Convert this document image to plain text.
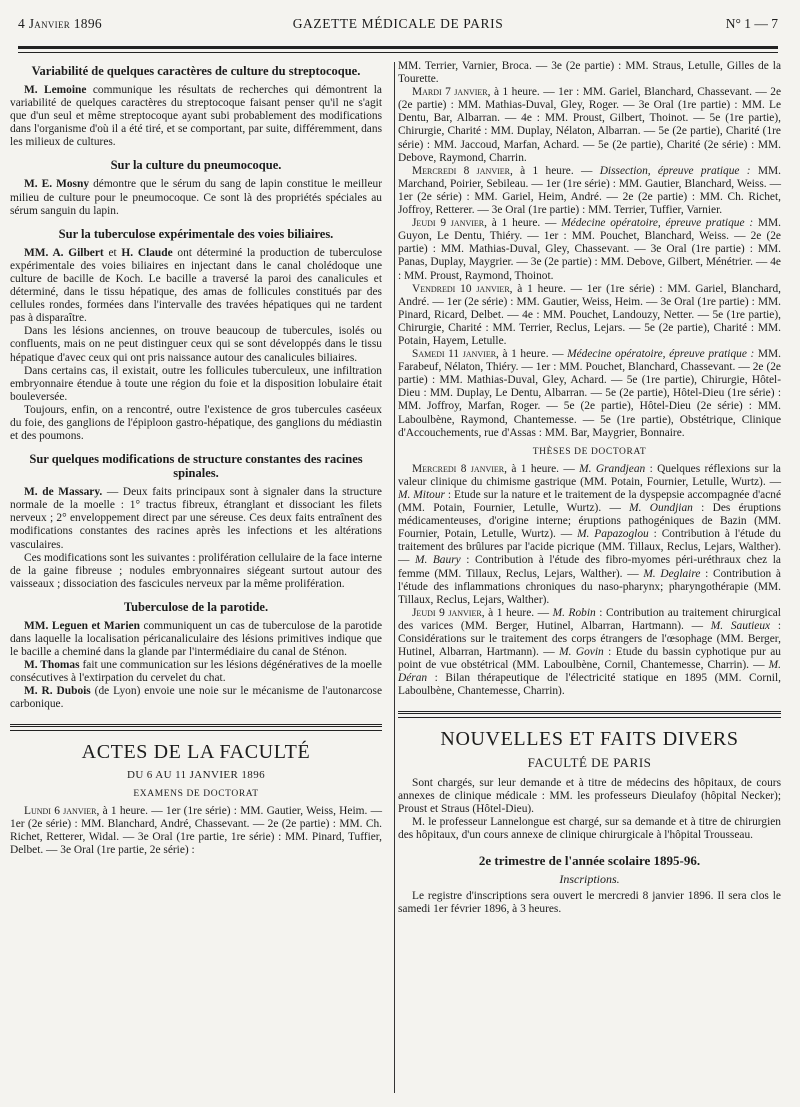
4 Janvier 1896	GAZETTE MÉDICALE DE PARIS	N° 1 — 7
Variabilité de quelques caractères de culture du streptocoque.

M. Lemoine communique les résultats de recherches qui démontrent la variabilité de quelques caractères du streptocoque faisant penser qu'il ne s'agit que d'un seul et même streptocoque ayant subi probablement des modifications dans l'organisme d'où il a été tiré, et se comportant, par suite, différemment, dans les milieux de cultures.

Sur la culture du pneumocoque.

M. E. Mosny démontre que le sérum du sang de lapin constitue le meilleur milieu de culture pour le pneumocoque. Ce sont là des propriétés spéciales au sérum sanguin du lapin.

Sur la tuberculose expérimentale des voies biliaires.

MM. A. Gilbert et H. Claude ont déterminé la production de tuberculose expérimentale des voies biliaires en injectant dans le canal cholédoque une culture de bacille de Koch. Le bacille a traversé la paroi des canalicules et déterminé, dans le tissu hépatique, des amas de follicules constitués par des cellules rondes, formées dans l'intervalle des travées hépatiques qui ne tardent pas à disparaître.

Dans les lésions anciennes, on trouve beaucoup de tubercules, isolés ou confluents, mais on ne peut distinguer ceux qui se sont développés dans le tissu hépatique d'avec ceux qui ont pris naissance autour des canalicules biliaires.

Dans certains cas, il existait, outre les follicules tuberculeux, une infiltration embryonnaire étendue à toute une région du foie et la disposition lobulaire était bouleversée.

Toujours, enfin, on a rencontré, outre l'existence de gros tubercules caséeux du foie, des ganglions de l'épiploon gastro-hépatique, des ganglions du médiastin et des poumons.

Sur quelques modifications de structure constantes des racines spinales.

M. de Massary. — Deux faits principaux sont à signaler dans la structure normale de la moelle : 1° tractus fibreux, étranglant et dissociant les filets nerveux ; 2° enveloppement direct par une séreuse. Ces deux faits entraînent des modifications constantes des racines après les infections et les altérations vasculaires.

Ces modifications sont les suivantes : prolifération cellulaire de la face interne de la gaine fibreuse ; nodules embryonnaires siégeant surtout autour des vaisseaux ; dissociation des fascicules nerveux par la même prolifération.

Tuberculose de la parotide.

MM. Leguen et Marien communiquent un cas de tuberculose de la parotide dans laquelle la localisation péricanaliculaire des lésions primitives indique que le bacille a cheminé dans la glande par l'intermédiaire du canal de Sténon.

M. Thomas fait une communication sur les lésions dégénératives de la moelle consécutives à l'extirpation du cervelet du chat.

M. R. Dubois (de Lyon) envoie une noie sur le mécanisme de l'autonarcose carbonique.

ACTES DE LA FACULTÉ
DU 6 AU 11 JANVIER 1896
EXAMENS DE DOCTORAT

Lundi 6 janvier, à 1 heure. — 1er (1re série) : MM. Gautier, Weiss, Heim. — 1er (2e série) : MM. Blanchard, André, Chassevant. — 2e (2e partie) : MM. Ch. Richet, Retterer, Widal. — 3e Oral (1re partie, 1re série) : MM. Pinard, Tuffier, Delbet. — 3e Oral (1re partie, 2e série) :

MM. Terrier, Varnier, Broca. — 3e (2e partie) : MM. Straus, Letulle, Gilles de la Tourette.

Mardi 7 janvier, à 1 heure. — 1er : MM. Gariel, Blanchard, Chassevant. — 2e (2e partie) : MM. Mathias-Duval, Gley, Roger. — 3e Oral (1re partie) : MM. Le Dentu, Bar, Albarran. — 4e : MM. Proust, Gilbert, Thoinot. — 5e (1re partie), Chirurgie, Charité : MM. Duplay, Nélaton, Albarran. — 5e (2e partie), Charité (1re série) : MM. Jaccoud, Marfan, Achard. — 5e (2e partie), Charité (2e série) : MM. Debove, Raymond, Charrin.

Mercredi 8 janvier, à 1 heure. — Dissection, épreuve pratique : MM. Marchand, Poirier, Sebileau. — 1er (1re série) : MM. Gautier, Blanchard, Weiss. — 1er (2e série) : MM. Gariel, Heim, André. — 2e (2e partie) : MM. Ch. Richet, Joffroy, Retterer. — 3e Oral (1re partie) : MM. Terrier, Tuffier, Varnier.

Jeudi 9 janvier, à 1 heure. — Médecine opératoire, épreuve pratique : MM. Guyon, Le Dentu, Thiéry. — 1er : MM. Pouchet, Blanchard, Weiss. — 2e (2e partie) : MM. Mathias-Duval, Gley, Chassevant. — 3e Oral (1re partie) : MM. Panas, Duplay, Maygrier. — 3e (2e partie) : MM. Debove, Gilbert, Ménétrier. — 4e : MM. Proust, Raymond, Thoinot.

Vendredi 10 janvier, à 1 heure. — 1er (1re série) : MM. Gariel, Blanchard, André. — 1er (2e série) : MM. Gautier, Weiss, Heim. — 3e Oral (1re partie) : MM. Pinard, Ricard, Delbet. — 4e : MM. Pouchet, Landouzy, Netter. — 5e (1re partie), Chirurgie, Charité : MM. Terrier, Reclus, Lejars. — 5e (2e partie), Charité : MM. Potain, Hayem, Letulle.

Samedi 11 janvier, à 1 heure. — Médecine opératoire, épreuve pratique : MM. Farabeuf, Nélaton, Thiéry. — 1er : MM. Pouchet, Blanchard, Chassevant. — 2e (2e partie) : MM. Mathias-Duval, Gley, Achard. — 5e (1re partie), Chirurgie, Hôtel-Dieu : MM. Duplay, Le Dentu, Albarran. — 5e (2e partie), Hôtel-Dieu (1re série) : MM. Joffroy, Marfan, Roger. — 5e (2e partie), Hôtel-Dieu (2e série) : MM. Laboulbène, Raymond, Chantemesse. — 5e (1re partie), Obstétrique, Clinique d'Accouchements, rue d'Assas : MM. Bar, Maygrier, Bonnaire.

THÈSES DE DOCTORAT

Mercredi 8 janvier, à 1 heure. — M. Grandjean : Quelques réflexions sur la valeur clinique du chimisme gastrique (MM. Potain, Fournier, Letulle, Wurtz). — M. Mitour : Etude sur la nature et le traitement de la dyspepsie accompagnée d'acné (MM. Potain, Fournier, Letulle, Wurtz). — M. Oundjian : Des éruptions médicamenteuses, d'origine interne; éruptions pathogéniques de Bazin (MM. Fournier, Potain, Letulle, Wurtz). — M. Papazoglou : Contribution à l'étude du traitement des brûlures par l'acide picrique (MM. Tillaux, Reclus, Lejars, Walther). — M. Baury : Contribution à l'étude des fibro-myomes péri-uréthraux chez la femme (MM. Tillaux, Reclus, Lejars, Walther). — M. Deglaire : Contribution à l'étude des inflammations chroniques du naso-pharynx; pharyngothérapie (MM. Tillaux, Reclus, Lejars, Walther).

Jeudi 9 janvier, à 1 heure. — M. Robin : Contribution au traitement chirurgical des varices (MM. Berger, Hutinel, Albarran, Hartmann). — M. Sautieux : Considérations sur le traitement des corps étrangers de l'œsophage (MM. Berger, Hutinel, Albarran, Hartmann). — M. Govin : Etude du bassin cyphotique pur au point de vue obstétrical (MM. Laboulbène, Cornil, Chantemesse, Charrin). — M. Déran : Bilan thérapeutique de l'électricité statique en 1895 (MM. Cornil, Laboulbène, Chantemesse, Charrin).

NOUVELLES ET FAITS DIVERS
FACULTÉ DE PARIS

Sont chargés, sur leur demande et à titre de médecins des hôpitaux, de cours annexes de clinique médicale : MM. les professeurs Dieulafoy (hôpital Necker); Proust et Straus (Hôtel-Dieu).

M. le professeur Lannelongue est chargé, sur sa demande et à titre de chirurgien des hôpitaux, d'un cours annexe de clinique chirurgicale à l'hôpital Trousseau.

2e trimestre de l'année scolaire 1895-96.
Inscriptions.

Le registre d'inscriptions sera ouvert le mercredi 8 janvier 1896. Il sera clos le samedi 1er février 1896, à 3 heures.
